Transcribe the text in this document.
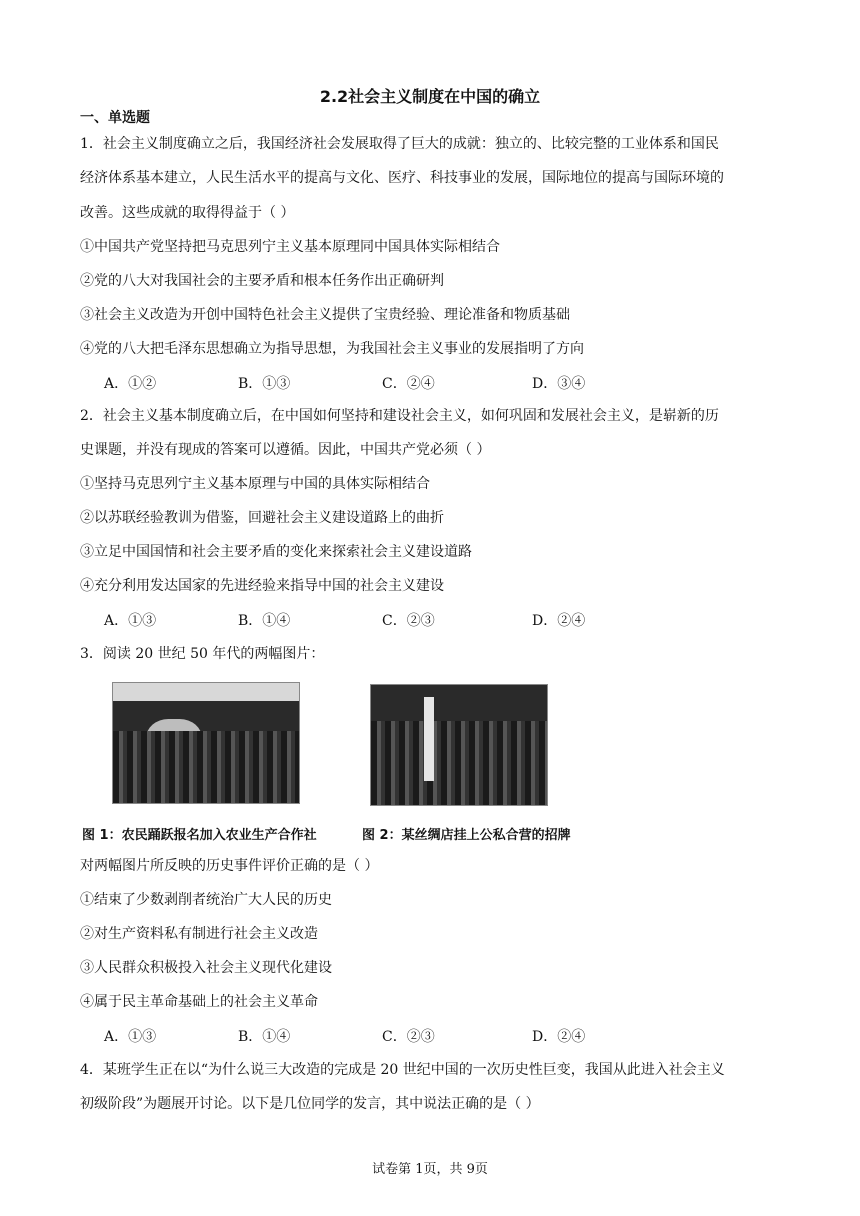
2.2社会主义制度在中国的确立
一、单选题
1．社会主义制度确立之后，我国经济社会发展取得了巨大的成就：独立的、比较完整的工业体系和国民
经济体系基本建立，人民生活水平的提高与文化、医疗、科技事业的发展，国际地位的提高与国际环境的
改善。这些成就的取得得益于（ ）
①中国共产党坚持把马克思列宁主义基本原理同中国具体实际相结合
②党的八大对我国社会的主要矛盾和根本任务作出正确研判
③社会主义改造为开创中国特色社会主义提供了宝贵经验、理论准备和物质基础
④党的八大把毛泽东思想确立为指导思想，为我国社会主义事业的发展指明了方向
A．①②	B．①③	C．②④	D．③④
2．社会主义基本制度确立后，在中国如何坚持和建设社会主义，如何巩固和发展社会主义，是崭新的历
史课题，并没有现成的答案可以遵循。因此，中国共产党必须（ ）
①坚持马克思列宁主义基本原理与中国的具体实际相结合
②以苏联经验教训为借鉴，回避社会主义建设道路上的曲折
③立足中国国情和社会主要矛盾的变化来探索社会主义建设道路
④充分利用发达国家的先进经验来指导中国的社会主义建设
A．①③	B．①④	C．②③	D．②④
3．阅读 20 世纪 50 年代的两幅图片：
图 1：农民踊跃报名加入农业生产合作社	图 2：某丝绸店挂上公私合营的招牌
对两幅图片所反映的历史事件评价正确的是（ ）
①结束了少数剥削者统治广大人民的历史
②对生产资料私有制进行社会主义改造
③人民群众积极投入社会主义现代化建设
④属于民主革命基础上的社会主义革命
A．①③	B．①④	C．②③	D．②④
4．某班学生正在以“为什么说三大改造的完成是 20 世纪中国的一次历史性巨变，我国从此进入社会主义
初级阶段”为题展开讨论。以下是几位同学的发言，其中说法正确的是（ ）
试卷第 1页，共 9页
